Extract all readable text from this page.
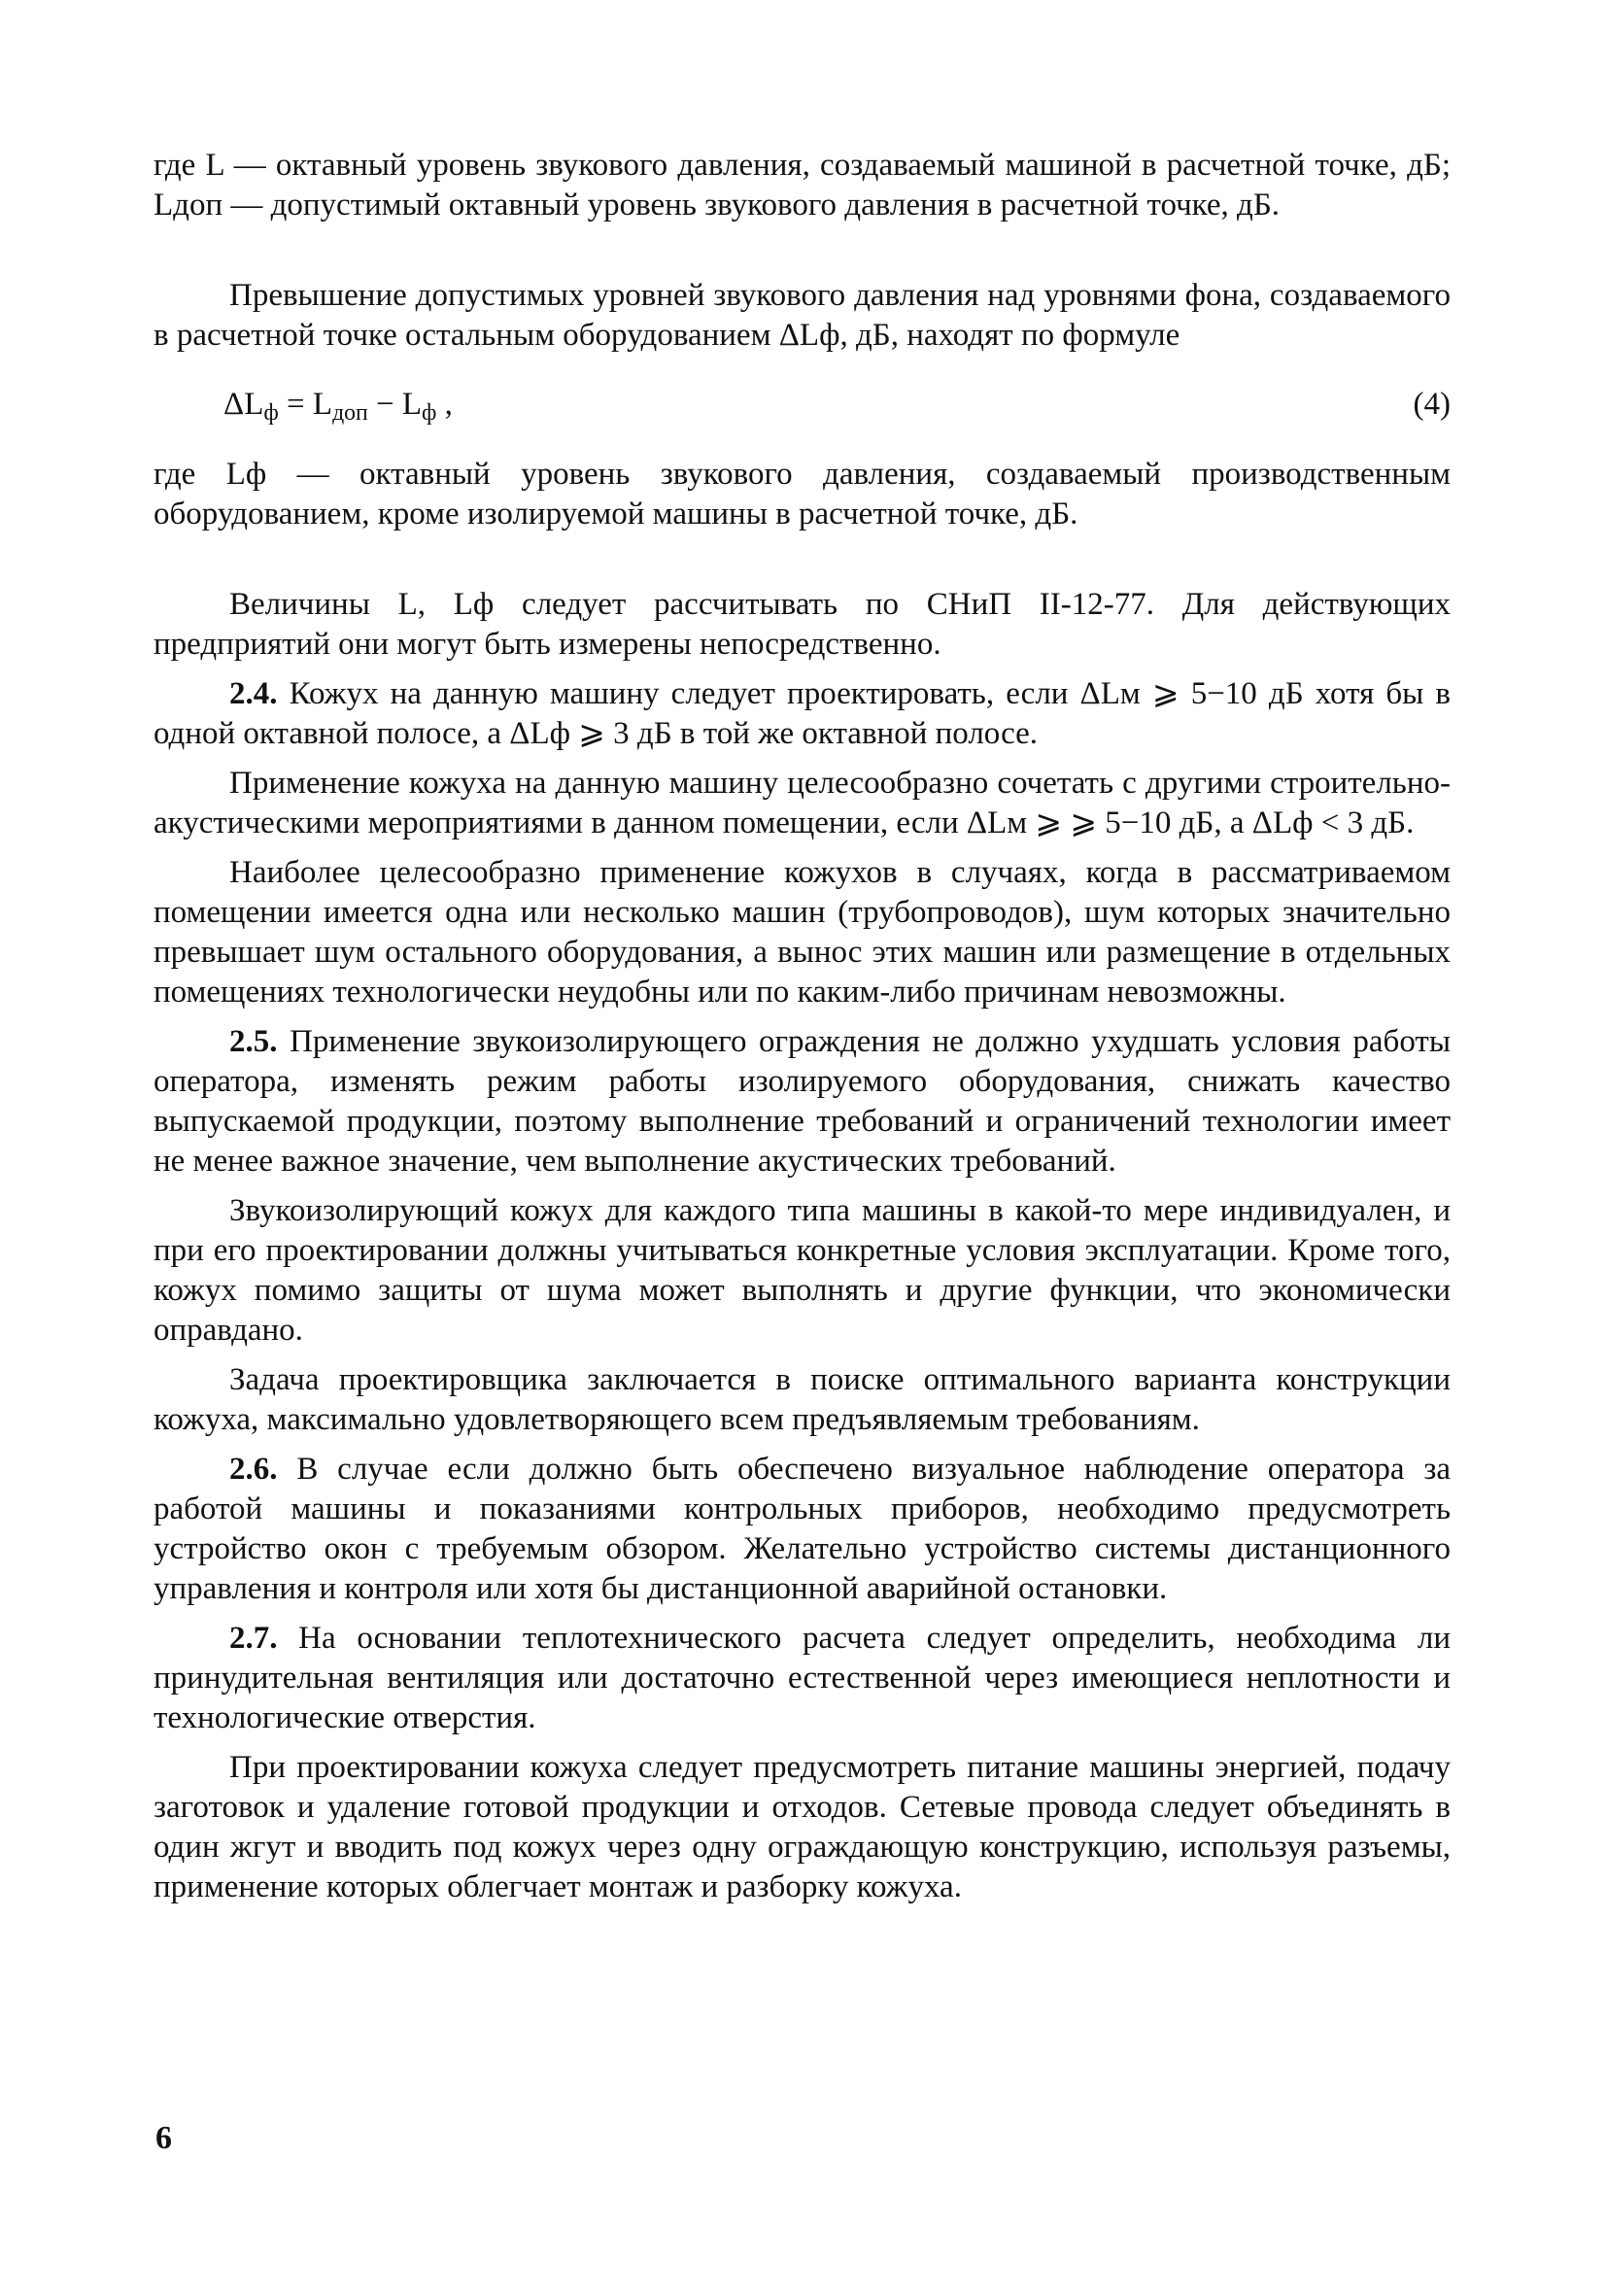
где L — октавный уровень звукового давления, создаваемый машиной в расчетной точке, дБ; Lдоп — допустимый октавный уровень звукового давления в расчетной точке, дБ.

Превышение допустимых уровней звукового давления над уровнями фона, создаваемого в расчетной точке остальным оборудованием ΔLф, дБ, находят по формуле

$\Delta L_ф = L_{доп} - L_ф$ ,	(4)

где Lф — октавный уровень звукового давления, создаваемый производственным оборудованием, кроме изолируемой машины в расчетной точке, дБ.

Величины L, Lф следует рассчитывать по СНиП II-12-77. Для действующих предприятий они могут быть измерены непосредственно.

2.4. Кожух на данную машину следует проектировать, если ΔLм ⩾ 5−10 дБ хотя бы в одной октавной полосе, а ΔLф ⩾ 3 дБ в той же октавной полосе.

Применение кожуха на данную машину целесообразно сочетать с другими строительно-акустическими мероприятиями в данном помещении, если ΔLм ⩾ ⩾ 5−10 дБ, а ΔLф < 3 дБ.

Наиболее целесообразно применение кожухов в случаях, когда в рассматриваемом помещении имеется одна или несколько машин (трубопроводов), шум которых значительно превышает шум остального оборудования, а вынос этих машин или размещение в отдельных помещениях технологически неудобны или по каким-либо причинам невозможны.

2.5. Применение звукоизолирующего ограждения не должно ухудшать условия работы оператора, изменять режим работы изолируемого оборудования, снижать качество выпускаемой продукции, поэтому выполнение требований и ограничений технологии имеет не менее важное значение, чем выполнение акустических требований.

Звукоизолирующий кожух для каждого типа машины в какой-то мере индивидуален, и при его проектировании должны учитываться конкретные условия эксплуатации. Кроме того, кожух помимо защиты от шума может выполнять и другие функции, что экономически оправдано.

Задача проектировщика заключается в поиске оптимального варианта конструкции кожуха, максимально удовлетворяющего всем предъявляемым требованиям.

2.6. В случае если должно быть обеспечено визуальное наблюдение оператора за работой машины и показаниями контрольных приборов, необходимо предусмотреть устройство окон с требуемым обзором. Желательно устройство системы дистанционного управления и контроля или хотя бы дистанционной аварийной остановки.

2.7. На основании теплотехнического расчета следует определить, необходима ли принудительная вентиляция или достаточно естественной через имеющиеся неплотности и технологические отверстия.

При проектировании кожуха следует предусмотреть питание машины энергией, подачу заготовок и удаление готовой продукции и отходов. Сетевые провода следует объединять в один жгут и вводить под кожух через одну ограждающую конструкцию, используя разъемы, применение которых облегчает монтаж и разборку кожуха.

6
